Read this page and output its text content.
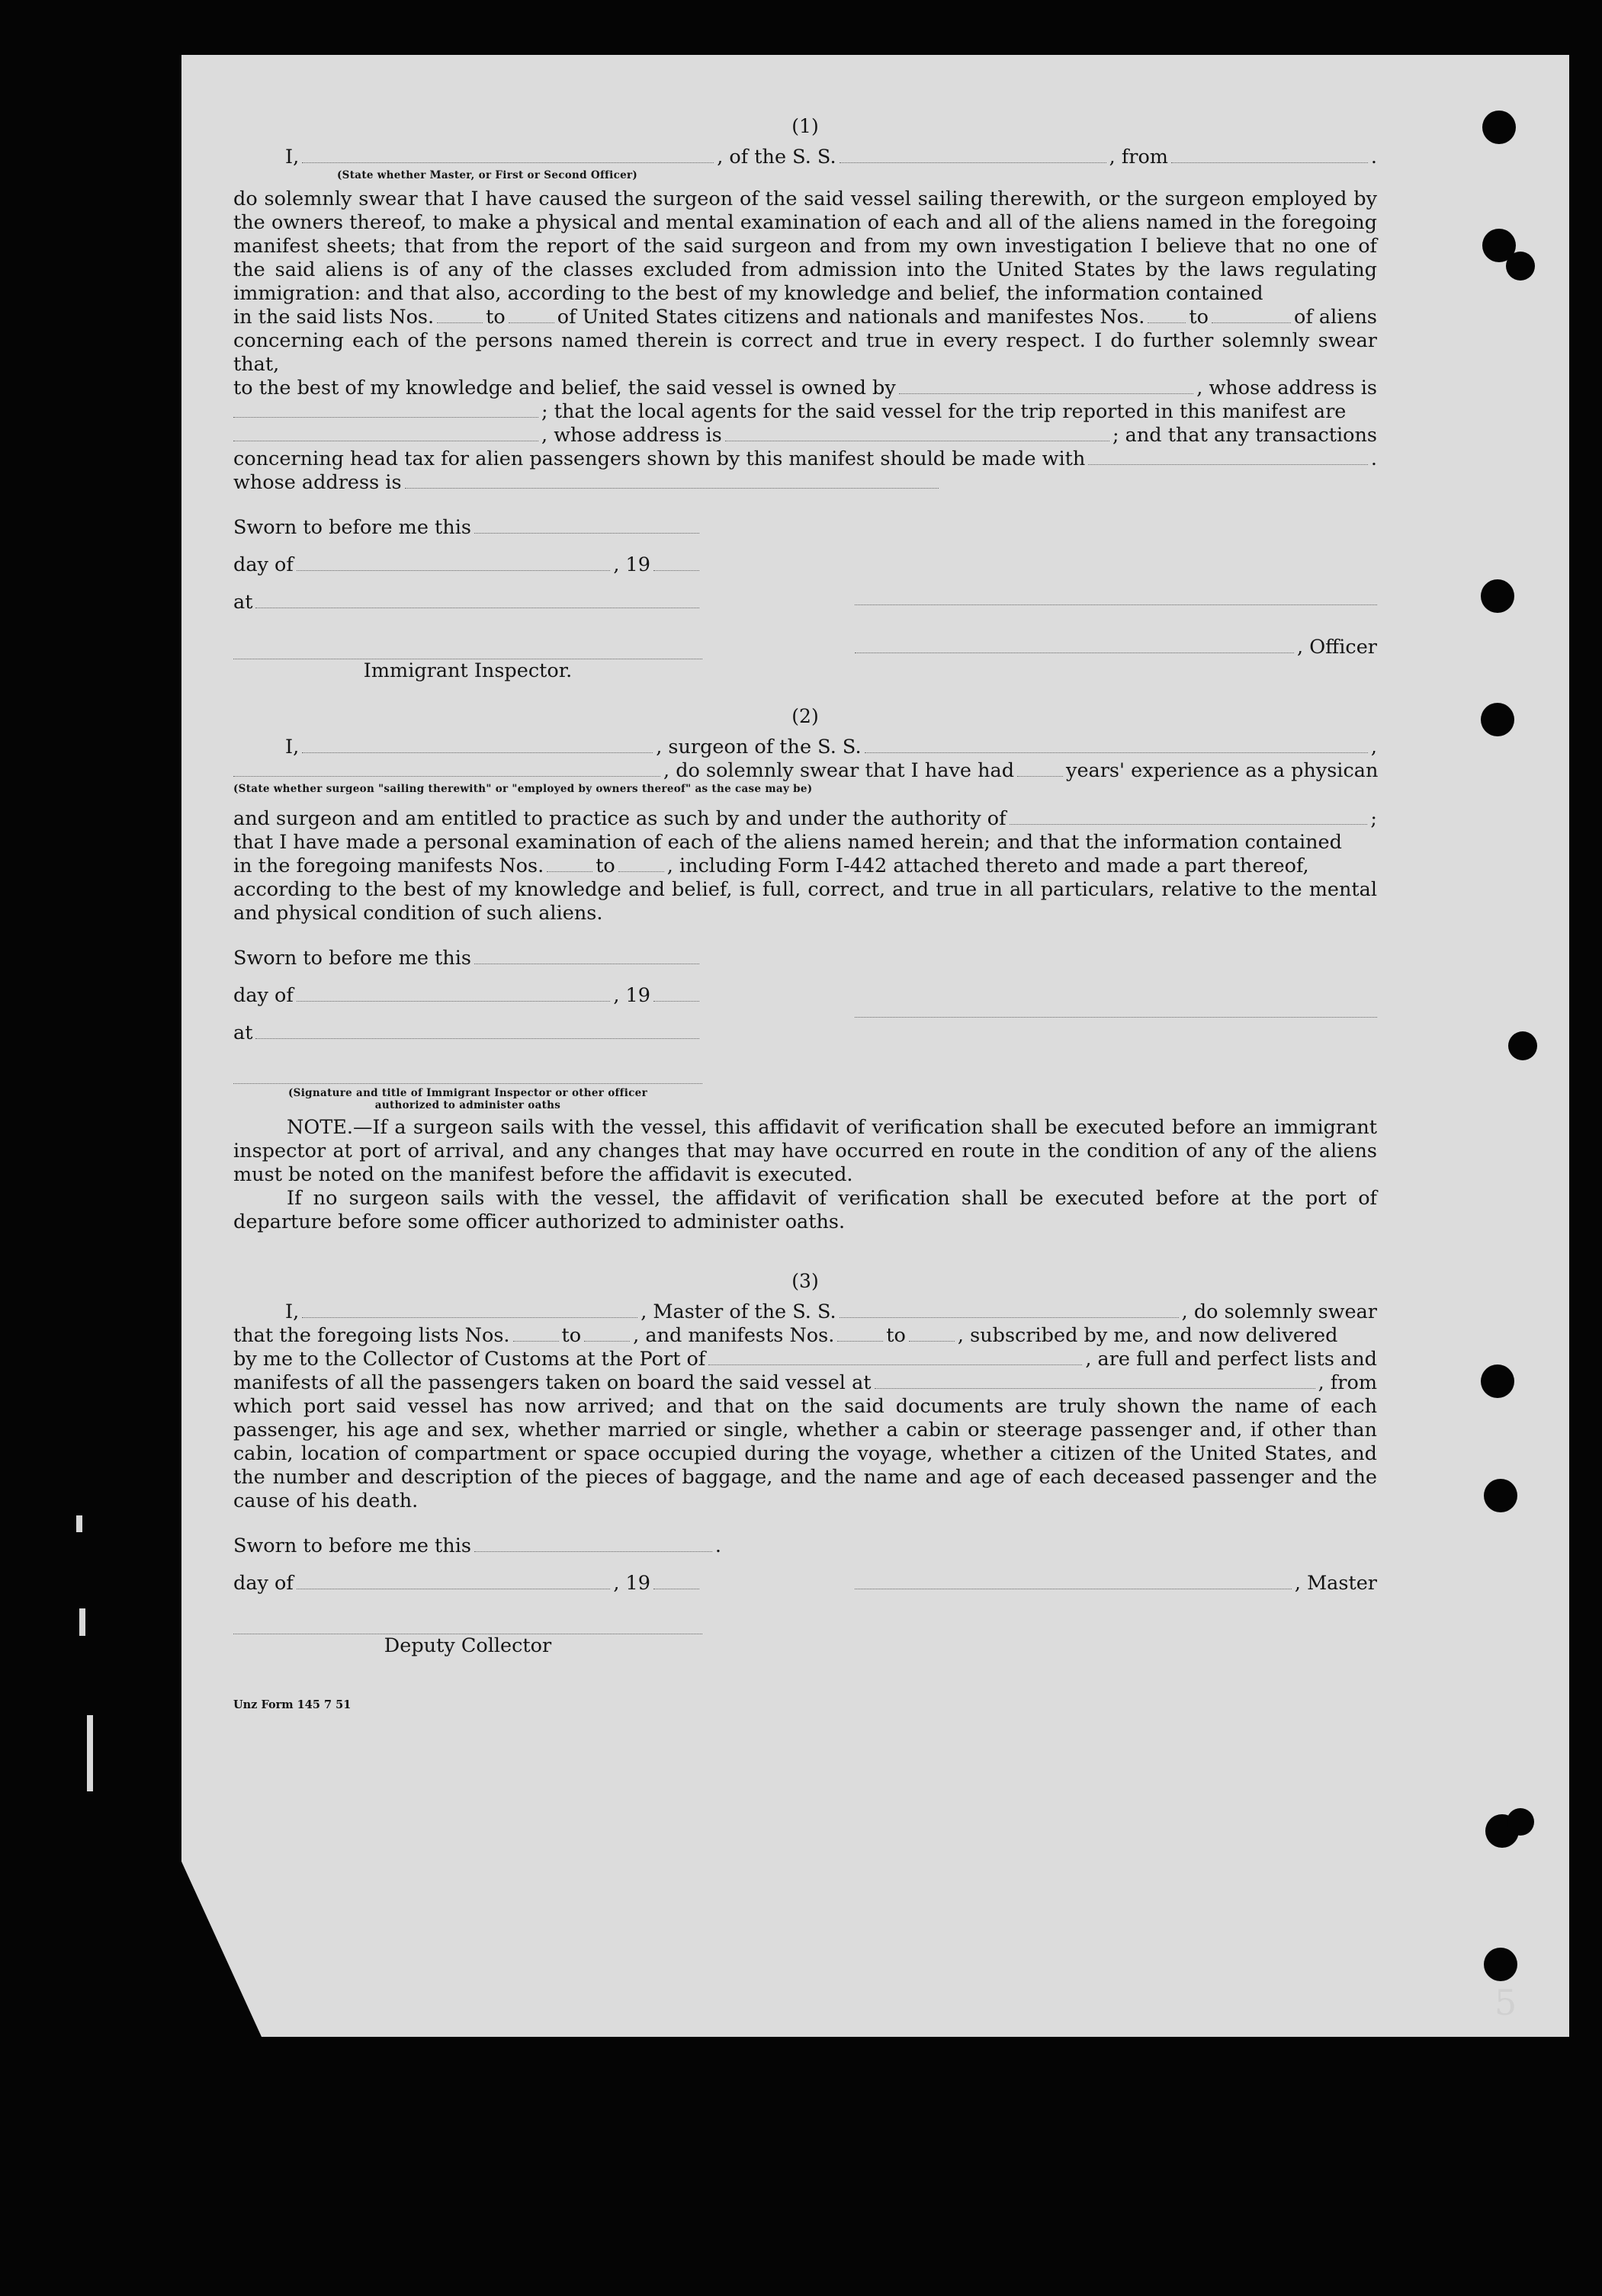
5
(1)
I,	, of the S. S.	, from	.
(State whether Master, or First or Second Officer)

do solemnly swear that I have caused the surgeon of the said vessel sailing therewith, or the surgeon employed by the owners thereof, to make a physical and mental examination of each and all of the aliens named in the foregoing manifest sheets; that from the report of the said surgeon and from my own investigation I believe that no one of the said aliens is of any of the classes excluded from admission into the United States by the laws regulating immigration: and that also, according to the best of my knowledge and belief, the information contained

in the said lists Nos.	to	of United States citizens and nationals and manifestes Nos. to	of aliens

concerning each of the persons named therein is correct and true in every respect. I do further solemnly swear that,

to the best of my knowledge and belief, the said vessel is owned by	, whose address is
; that the local agents for the said vessel for the trip reported in this manifest are
, whose address is	; and that any transactions
concerning head tax for alien passengers shown by this manifest should be made with	.
whose address is
Sworn to before me this
day of	, 19
at
Immigrant Inspector.
, Officer
(2)
I,	, surgeon of the S. S.	,
, do solemnly swear that I have had	years' experience as a physican
(State whether surgeon "sailing therewith" or "employed by owners thereof" as the case may be)
and surgeon and am entitled to practice as such by and under the authority of	;

that I have made a personal examination of each of the aliens named herein; and that the information contained

in the foregoing manifests Nos.	to	, including Form I-442 attached thereto and made a part thereof,

according to the best of my knowledge and belief, is full, correct, and true in all particulars, relative to the mental and physical condition of such aliens.

Sworn to before me this
day of	, 19
at
(Signature and title of Immigrant Inspector or other officer authorized to administer oaths

NOTE.—If a surgeon sails with the vessel, this affidavit of verification shall be executed before an immigrant inspector at port of arrival, and any changes that may have occurred en route in the condition of any of the aliens must be noted on the manifest before the affidavit is executed.

If no surgeon sails with the vessel, the affidavit of verification shall be executed before at the port of departure before some officer authorized to administer oaths.

(3)
I,	, Master of the S. S.	, do solemnly swear
that the foregoing lists Nos.	to	, and manifests Nos.	to	, subscribed by me, and now delivered
by me to the Collector of Customs at the Port of	, are full and perfect lists and
manifests of all the passengers taken on board the said vessel at	, from

which port said vessel has now arrived; and that on the said documents are truly shown the name of each passenger, his age and sex, whether married or single, whether a cabin or steerage passenger and, if other than cabin, location of compartment or space occupied during the voyage, whether a citizen of the United States, and the number and description of the pieces of baggage, and the name and age of each deceased passenger and the cause of his death.

Sworn to before me this	.
day of	, 19	, Master
Deputy Collector
Unz Form 145 7 51
